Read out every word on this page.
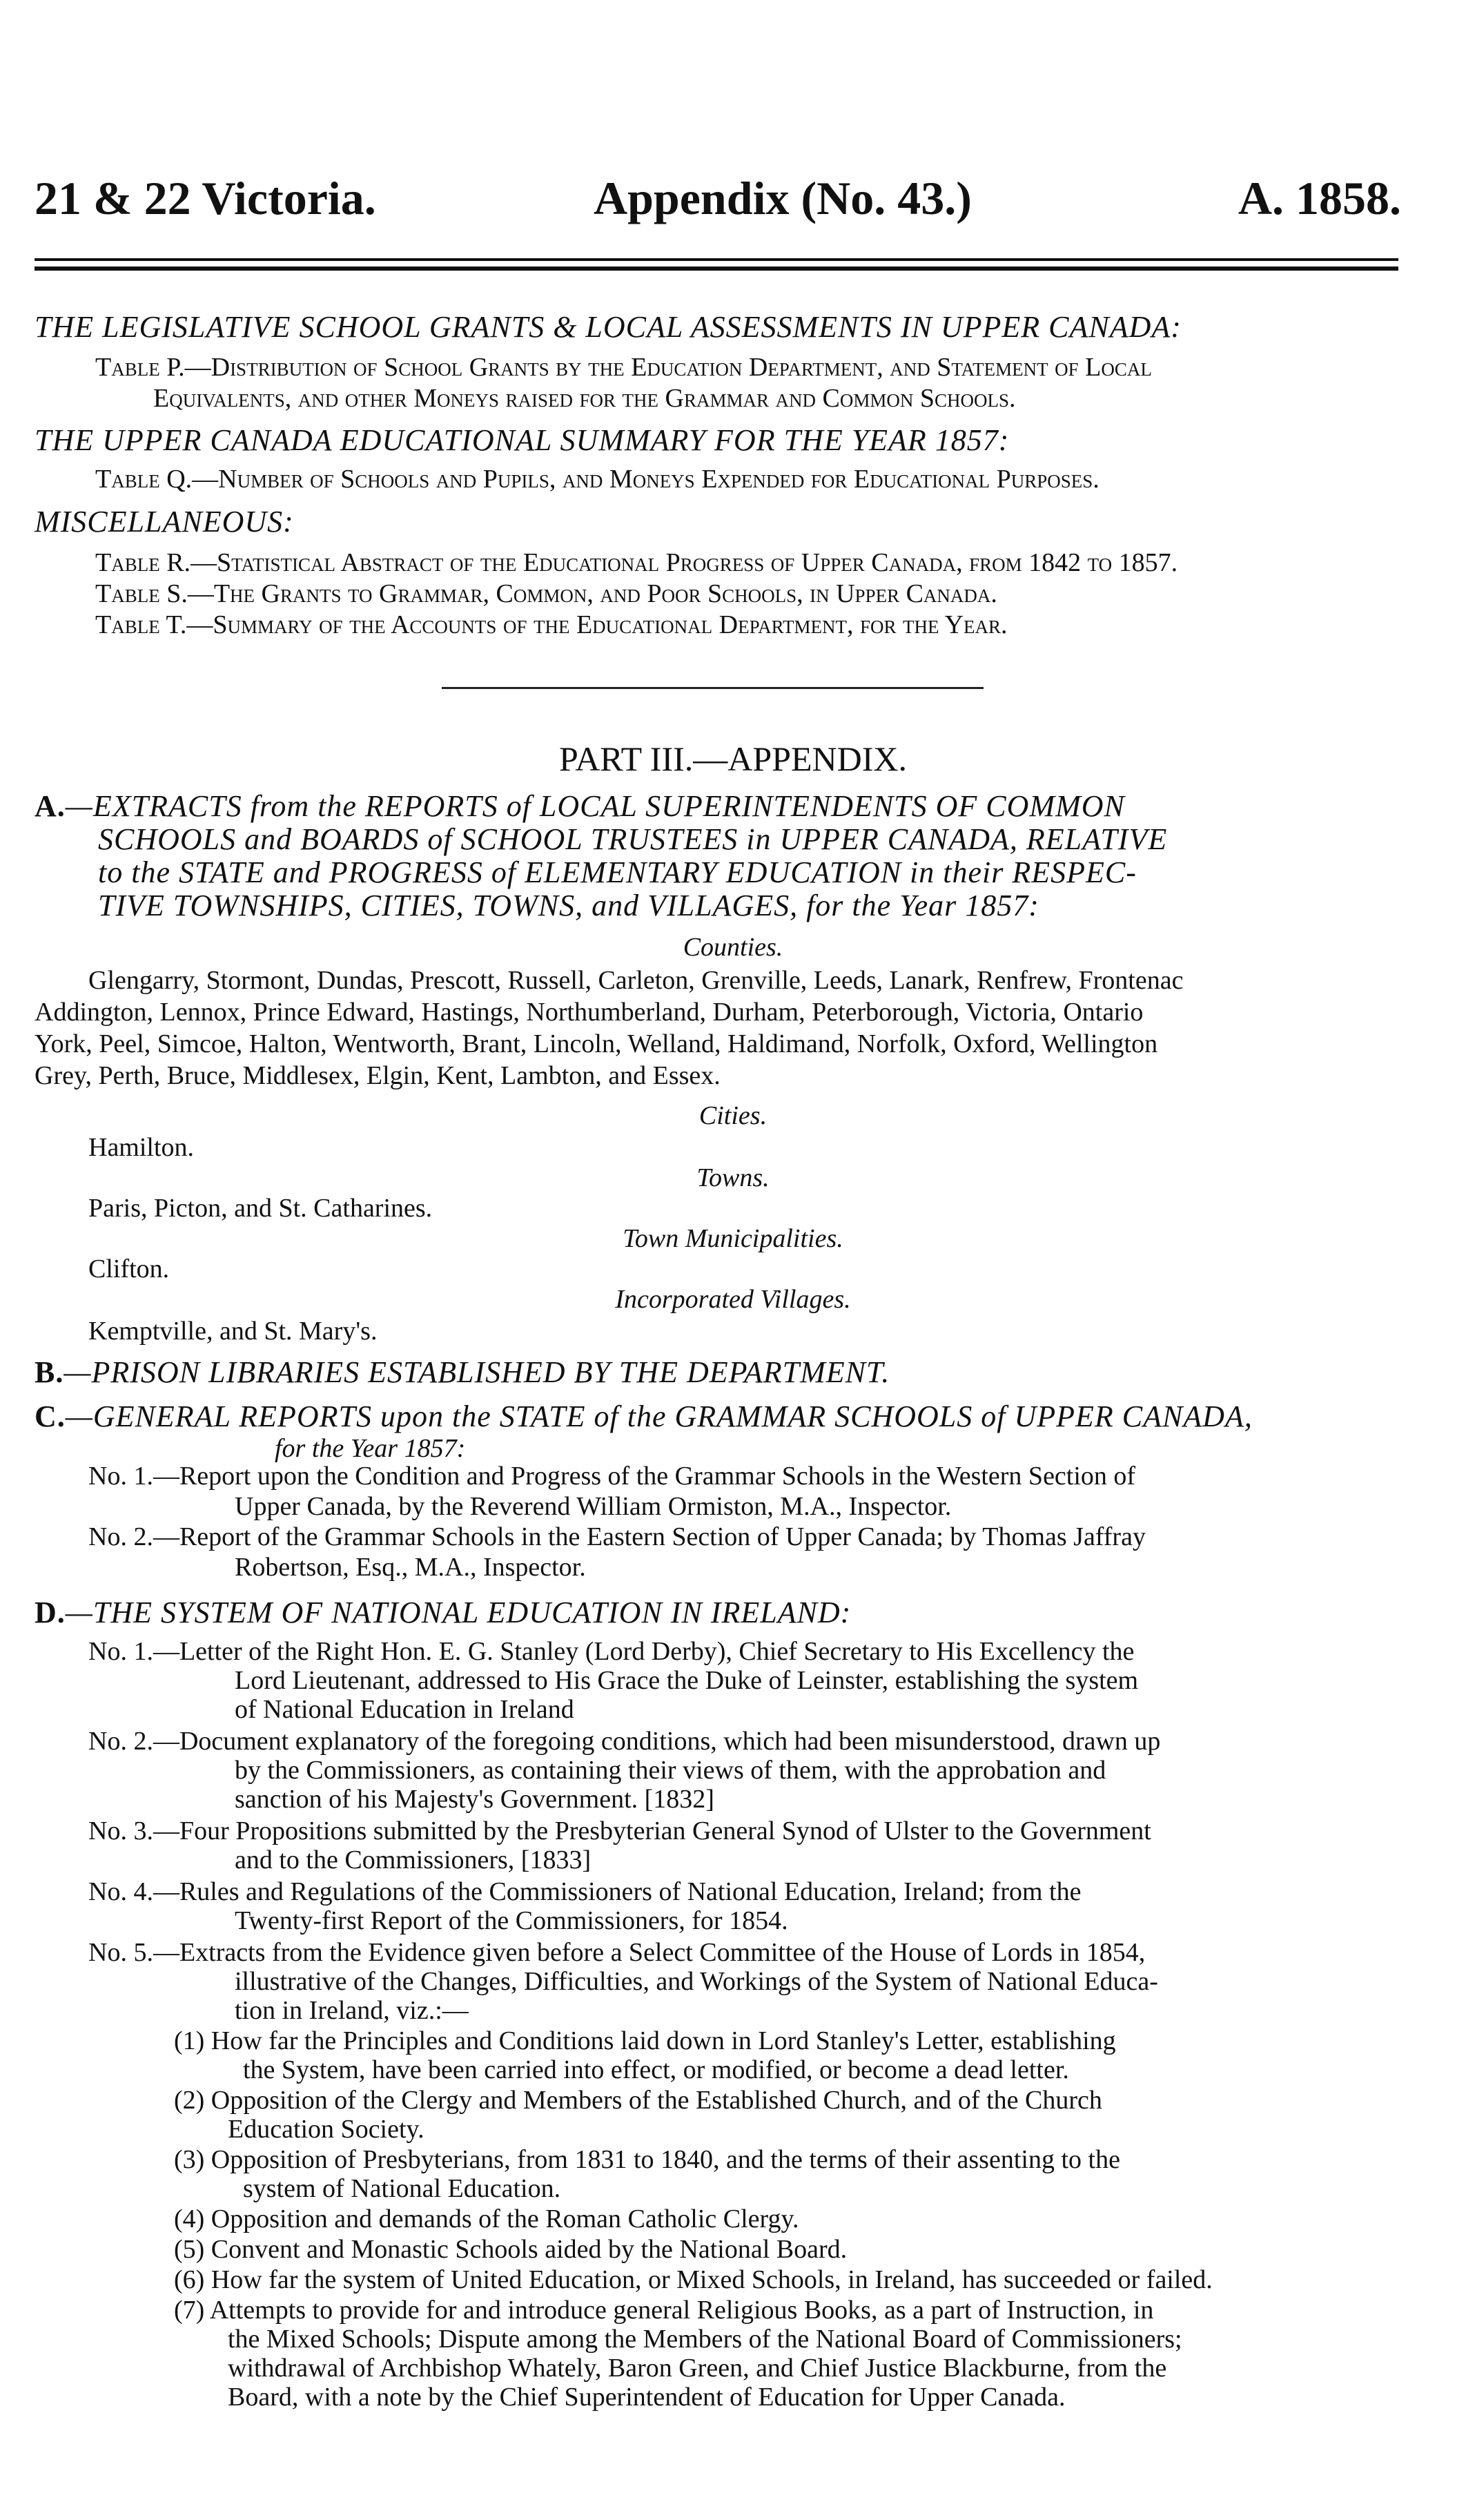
21 & 22 Victoria.	Appendix (No. 43.)	A. 1858.
THE LEGISLATIVE SCHOOL GRANTS & LOCAL ASSESSMENTS IN UPPER CANADA:
Table P.—Distribution of School Grants by the Education Department, and Statement of Local
Equivalents, and other Moneys raised for the Grammar and Common Schools.
THE UPPER CANADA EDUCATIONAL SUMMARY FOR THE YEAR 1857:
Table Q.—Number of Schools and Pupils, and Moneys Expended for Educational Purposes.
MISCELLANEOUS:
Table R.—Statistical Abstract of the Educational Progress of Upper Canada, from 1842 to 1857.
Table S.—The Grants to Grammar, Common, and Poor Schools, in Upper Canada.
Table T.—Summary of the Accounts of the Educational Department, for the Year.
PART III.—APPENDIX.
A.—EXTRACTS from the REPORTS of LOCAL SUPERINTENDENTS OF COMMON
SCHOOLS and BOARDS of SCHOOL TRUSTEES in UPPER CANADA, RELATIVE
to the STATE and PROGRESS of ELEMENTARY EDUCATION in their RESPEC-
TIVE TOWNSHIPS, CITIES, TOWNS, and VILLAGES, for the Year 1857:
Counties.
Glengarry, Stormont, Dundas, Prescott, Russell, Carleton, Grenville, Leeds, Lanark, Renfrew, Frontenac
Addington, Lennox, Prince Edward, Hastings, Northumberland, Durham, Peterborough, Victoria, Ontario
York, Peel, Simcoe, Halton, Wentworth, Brant, Lincoln, Welland, Haldimand, Norfolk, Oxford, Wellington
Grey, Perth, Bruce, Middlesex, Elgin, Kent, Lambton, and Essex.
Cities.
Hamilton.
Towns.
Paris, Picton, and St. Catharines.
Town Municipalities.
Clifton.
Incorporated Villages.
Kemptville, and St. Mary's.
B.—PRISON LIBRARIES ESTABLISHED BY THE DEPARTMENT.
C.—GENERAL REPORTS upon the STATE of the GRAMMAR SCHOOLS of UPPER CANADA,
for the Year 1857:
No. 1.—Report upon the Condition and Progress of the Grammar Schools in the Western Section of
Upper Canada, by the Reverend William Ormiston, M.A., Inspector.
No. 2.—Report of the Grammar Schools in the Eastern Section of Upper Canada; by Thomas Jaffray
Robertson, Esq., M.A., Inspector.
D.—THE SYSTEM OF NATIONAL EDUCATION IN IRELAND:
No. 1.—Letter of the Right Hon. E. G. Stanley (Lord Derby), Chief Secretary to His Excellency the
Lord Lieutenant, addressed to His Grace the Duke of Leinster, establishing the system
of National Education in Ireland
No. 2.—Document explanatory of the foregoing conditions, which had been misunderstood, drawn up
by the Commissioners, as containing their views of them, with the approbation and
sanction of his Majesty's Government. [1832]
No. 3.—Four Propositions submitted by the Presbyterian General Synod of Ulster to the Government
and to the Commissioners, [1833]
No. 4.—Rules and Regulations of the Commissioners of National Education, Ireland; from the
Twenty-first Report of the Commissioners, for 1854.
No. 5.—Extracts from the Evidence given before a Select Committee of the House of Lords in 1854,
illustrative of the Changes, Difficulties, and Workings of the System of National Educa-
tion in Ireland, viz.:—
(1) How far the Principles and Conditions laid down in Lord Stanley's Letter, establishing
the System, have been carried into effect, or modified, or become a dead letter.
(2) Opposition of the Clergy and Members of the Established Church, and of the Church
Education Society.
(3) Opposition of Presbyterians, from 1831 to 1840, and the terms of their assenting to the
system of National Education.
(4) Opposition and demands of the Roman Catholic Clergy.
(5) Convent and Monastic Schools aided by the National Board.
(6) How far the system of United Education, or Mixed Schools, in Ireland, has succeeded or failed.
(7) Attempts to provide for and introduce general Religious Books, as a part of Instruction, in
the Mixed Schools; Dispute among the Members of the National Board of Commissioners;
withdrawal of Archbishop Whately, Baron Green, and Chief Justice Blackburne, from the
Board, with a note by the Chief Superintendent of Education for Upper Canada.
